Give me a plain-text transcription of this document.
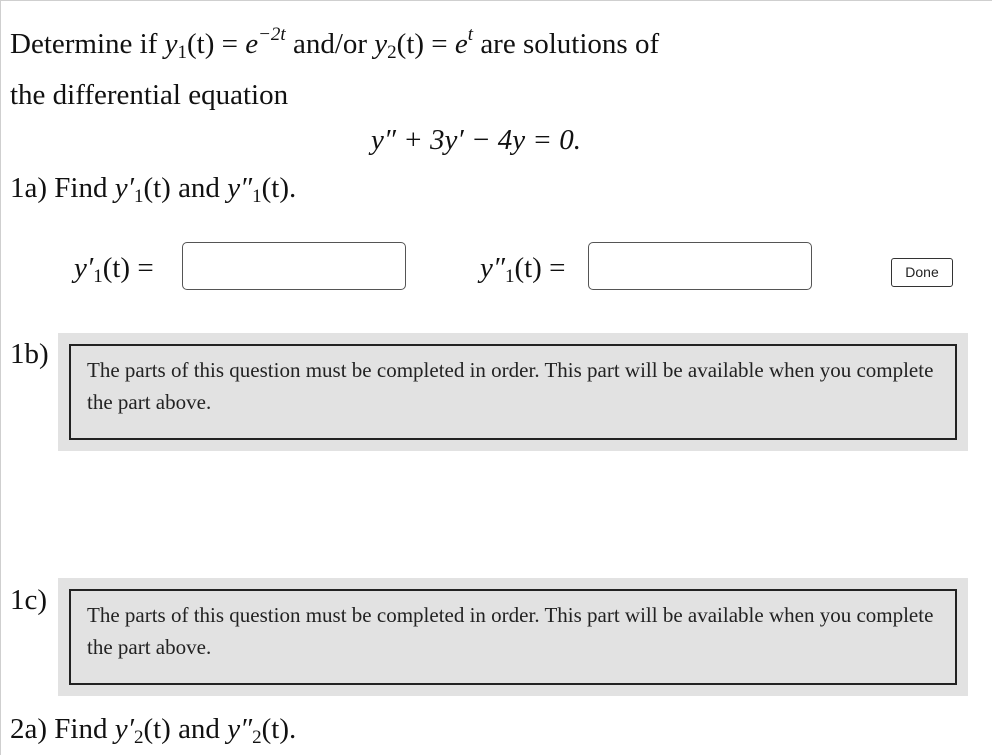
Determine if $y_1(t) = e^{-2t}$ and/or $y_2(t) = e^t$ are solutions of
the differential equation
y″ + 3y′ − 4y = 0.
1a) Find $y'_1(t)$ and $y''_1(t)$.
$y'_1(t)$ =	$y''_1(t)$ =	Done
1b)	The parts of this question must be completed in order. This part will be available when you complete the part above.
1c)	The parts of this question must be completed in order. This part will be available when you complete the part above.
2a) Find $y'_2(t)$ and $y''_2(t)$.
